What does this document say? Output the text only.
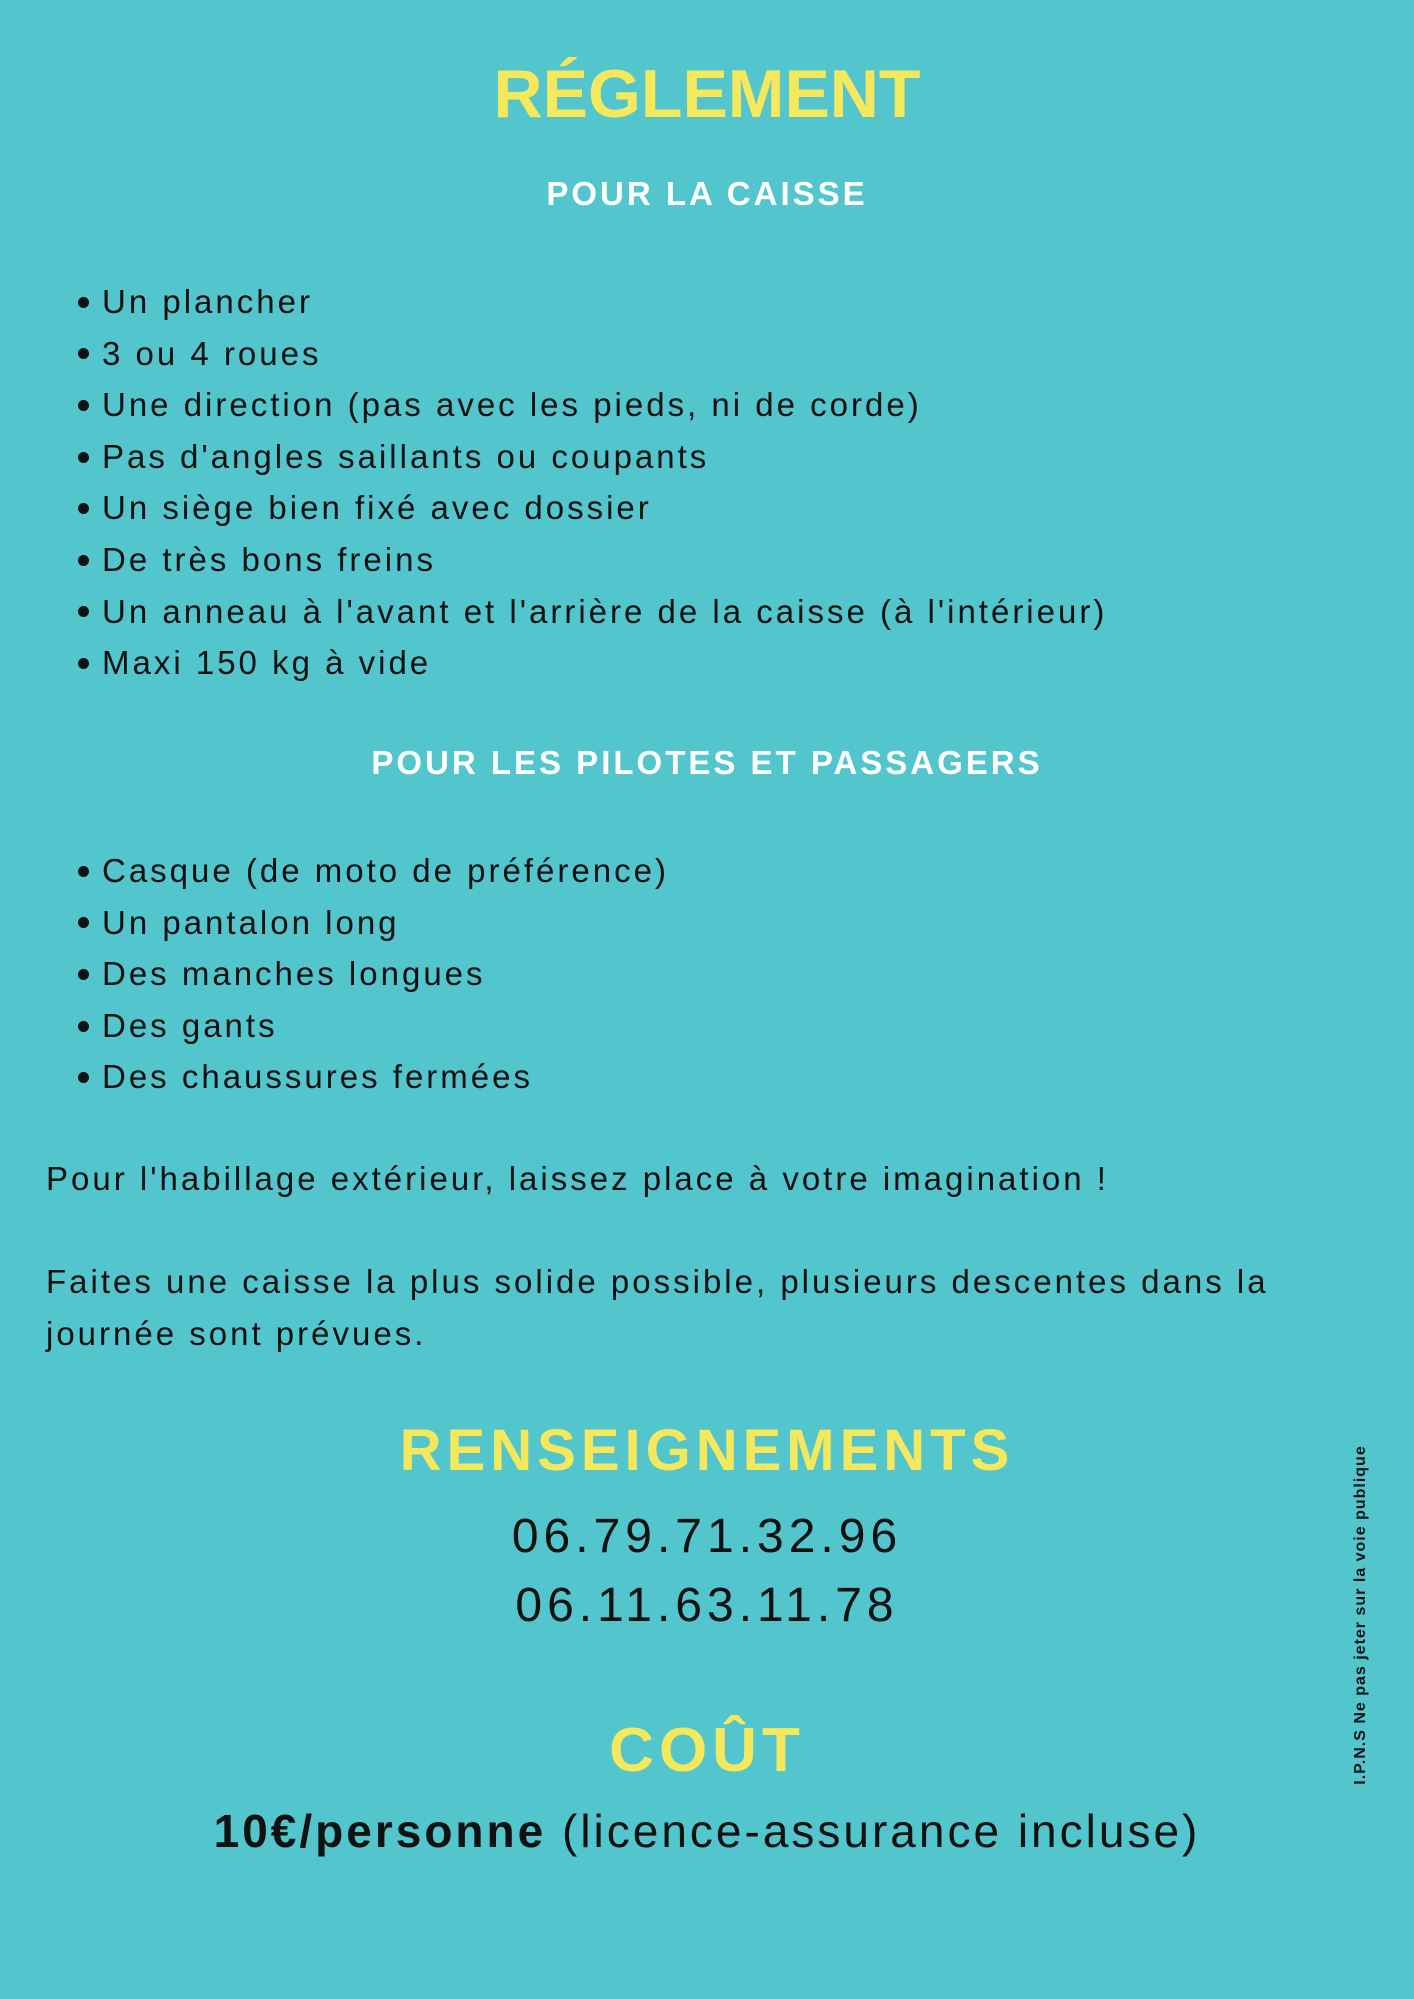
RÉGLEMENT
POUR LA CAISSE
Un plancher
3 ou 4 roues
Une direction (pas avec les pieds, ni de corde)
Pas d'angles saillants ou coupants
Un siège bien fixé avec dossier
De très bons freins
Un anneau à l'avant et l'arrière de la caisse (à l'intérieur)
Maxi 150 kg à vide
POUR LES PILOTES ET PASSAGERS
Casque (de moto de préférence)
Un pantalon long
Des manches longues
Des gants
Des chaussures fermées

Pour l'habillage extérieur, laissez place à votre imagination !

Faites une caisse la plus solide possible, plusieurs descentes dans la journée sont prévues.

RENSEIGNEMENTS

06.79.71.32.96

06.11.63.11.78

COÛT

10€/personne (licence-assurance incluse)

I.P.N.S Ne pas jeter sur la voie publique
